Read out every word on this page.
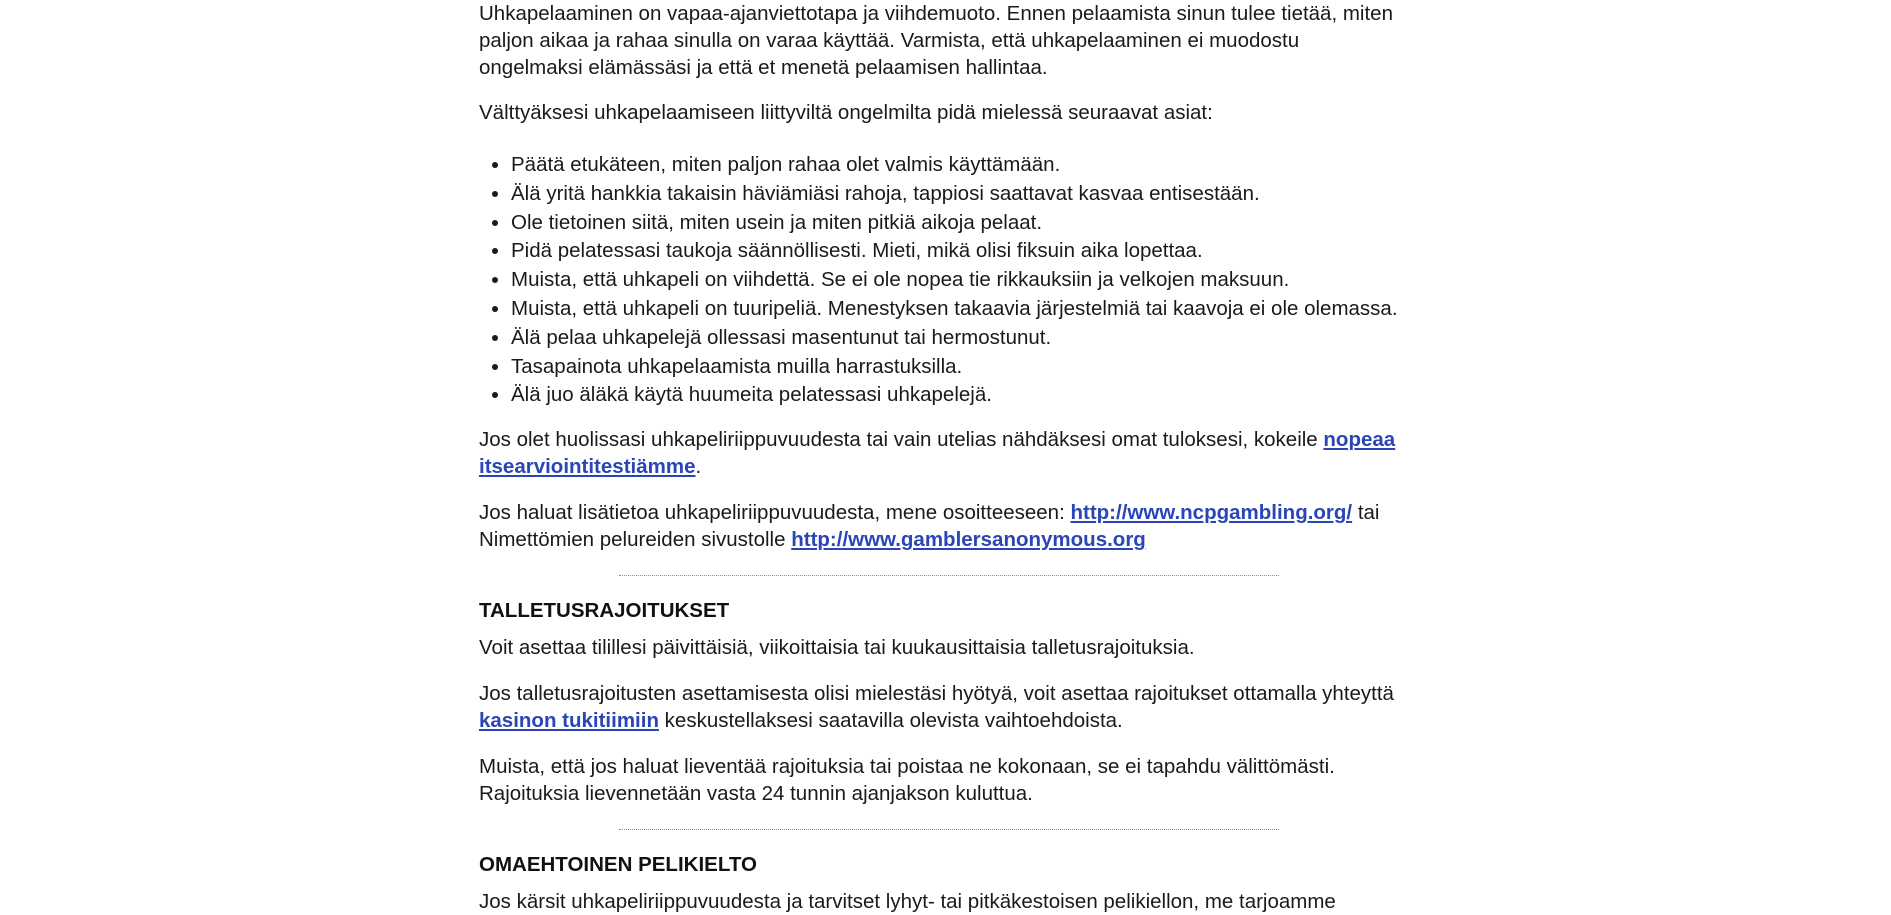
Uhkapelaaminen on vapaa-ajanviettotapa ja viihdemuoto. Ennen pelaamista sinun tulee tietää, miten paljon aikaa ja rahaa sinulla on varaa käyttää. Varmista, että uhkapelaaminen ei muodostu ongelmaksi elämässäsi ja että et menetä pelaamisen hallintaa.

Välttyäksesi uhkapelaamiseen liittyviltä ongelmilta pidä mielessä seuraavat asiat:

• Päätä etukäteen, miten paljon rahaa olet valmis käyttämään.
• Älä yritä hankkia takaisin häviämiäsi rahoja, tappiosi saattavat kasvaa entisestään.
• Ole tietoinen siitä, miten usein ja miten pitkiä aikoja pelaat.
• Pidä pelatessasi taukoja säännöllisesti. Mieti, mikä olisi fiksuin aika lopettaa.
• Muista, että uhkapeli on viihdettä. Se ei ole nopea tie rikkauksiin ja velkojen maksuun.
• Muista, että uhkapeli on tuuripeliä. Menestyksen takaavia järjestelmiä tai kaavoja ei ole olemassa.
• Älä pelaa uhkapelejä ollessasi masentunut tai hermostunut.
• Tasapainota uhkapelaamista muilla harrastuksilla.
• Älä juo äläkä käytä huumeita pelatessasi uhkapelejä.

Jos olet huolissasi uhkapeliriippuvuudesta tai vain utelias nähdäksesi omat tuloksesi, kokeile nopeaa itsearviointitestiämme.

Jos haluat lisätietoa uhkapeliriippuvuudesta, mene osoitteeseen: http://www.ncpgambling.org/ tai Nimettömien pelureiden sivustolle http://www.gamblersanonymous.org

TALLETUSRAJOITUKSET

Voit asettaa tilillesi päivittäisiä, viikoittaisia tai kuukausittaisia talletusrajoituksia.

Jos talletusrajoitusten asettamisesta olisi mielestäsi hyötyä, voit asettaa rajoitukset ottamalla yhteyttä kasinon tukitiimiin keskustellaksesi saatavilla olevista vaihtoehdoista.

Muista, että jos haluat lieventää rajoituksia tai poistaa ne kokonaan, se ei tapahdu välittömästi. Rajoituksia lievennetään vasta 24 tunnin ajanjakson kuluttua.

OMAEHTOINEN PELIKIELTO

Jos kärsit uhkapeliriippuvuudesta ja tarvitset lyhyt- tai pitkäkestoisen pelikiellon, me tarjoamme
